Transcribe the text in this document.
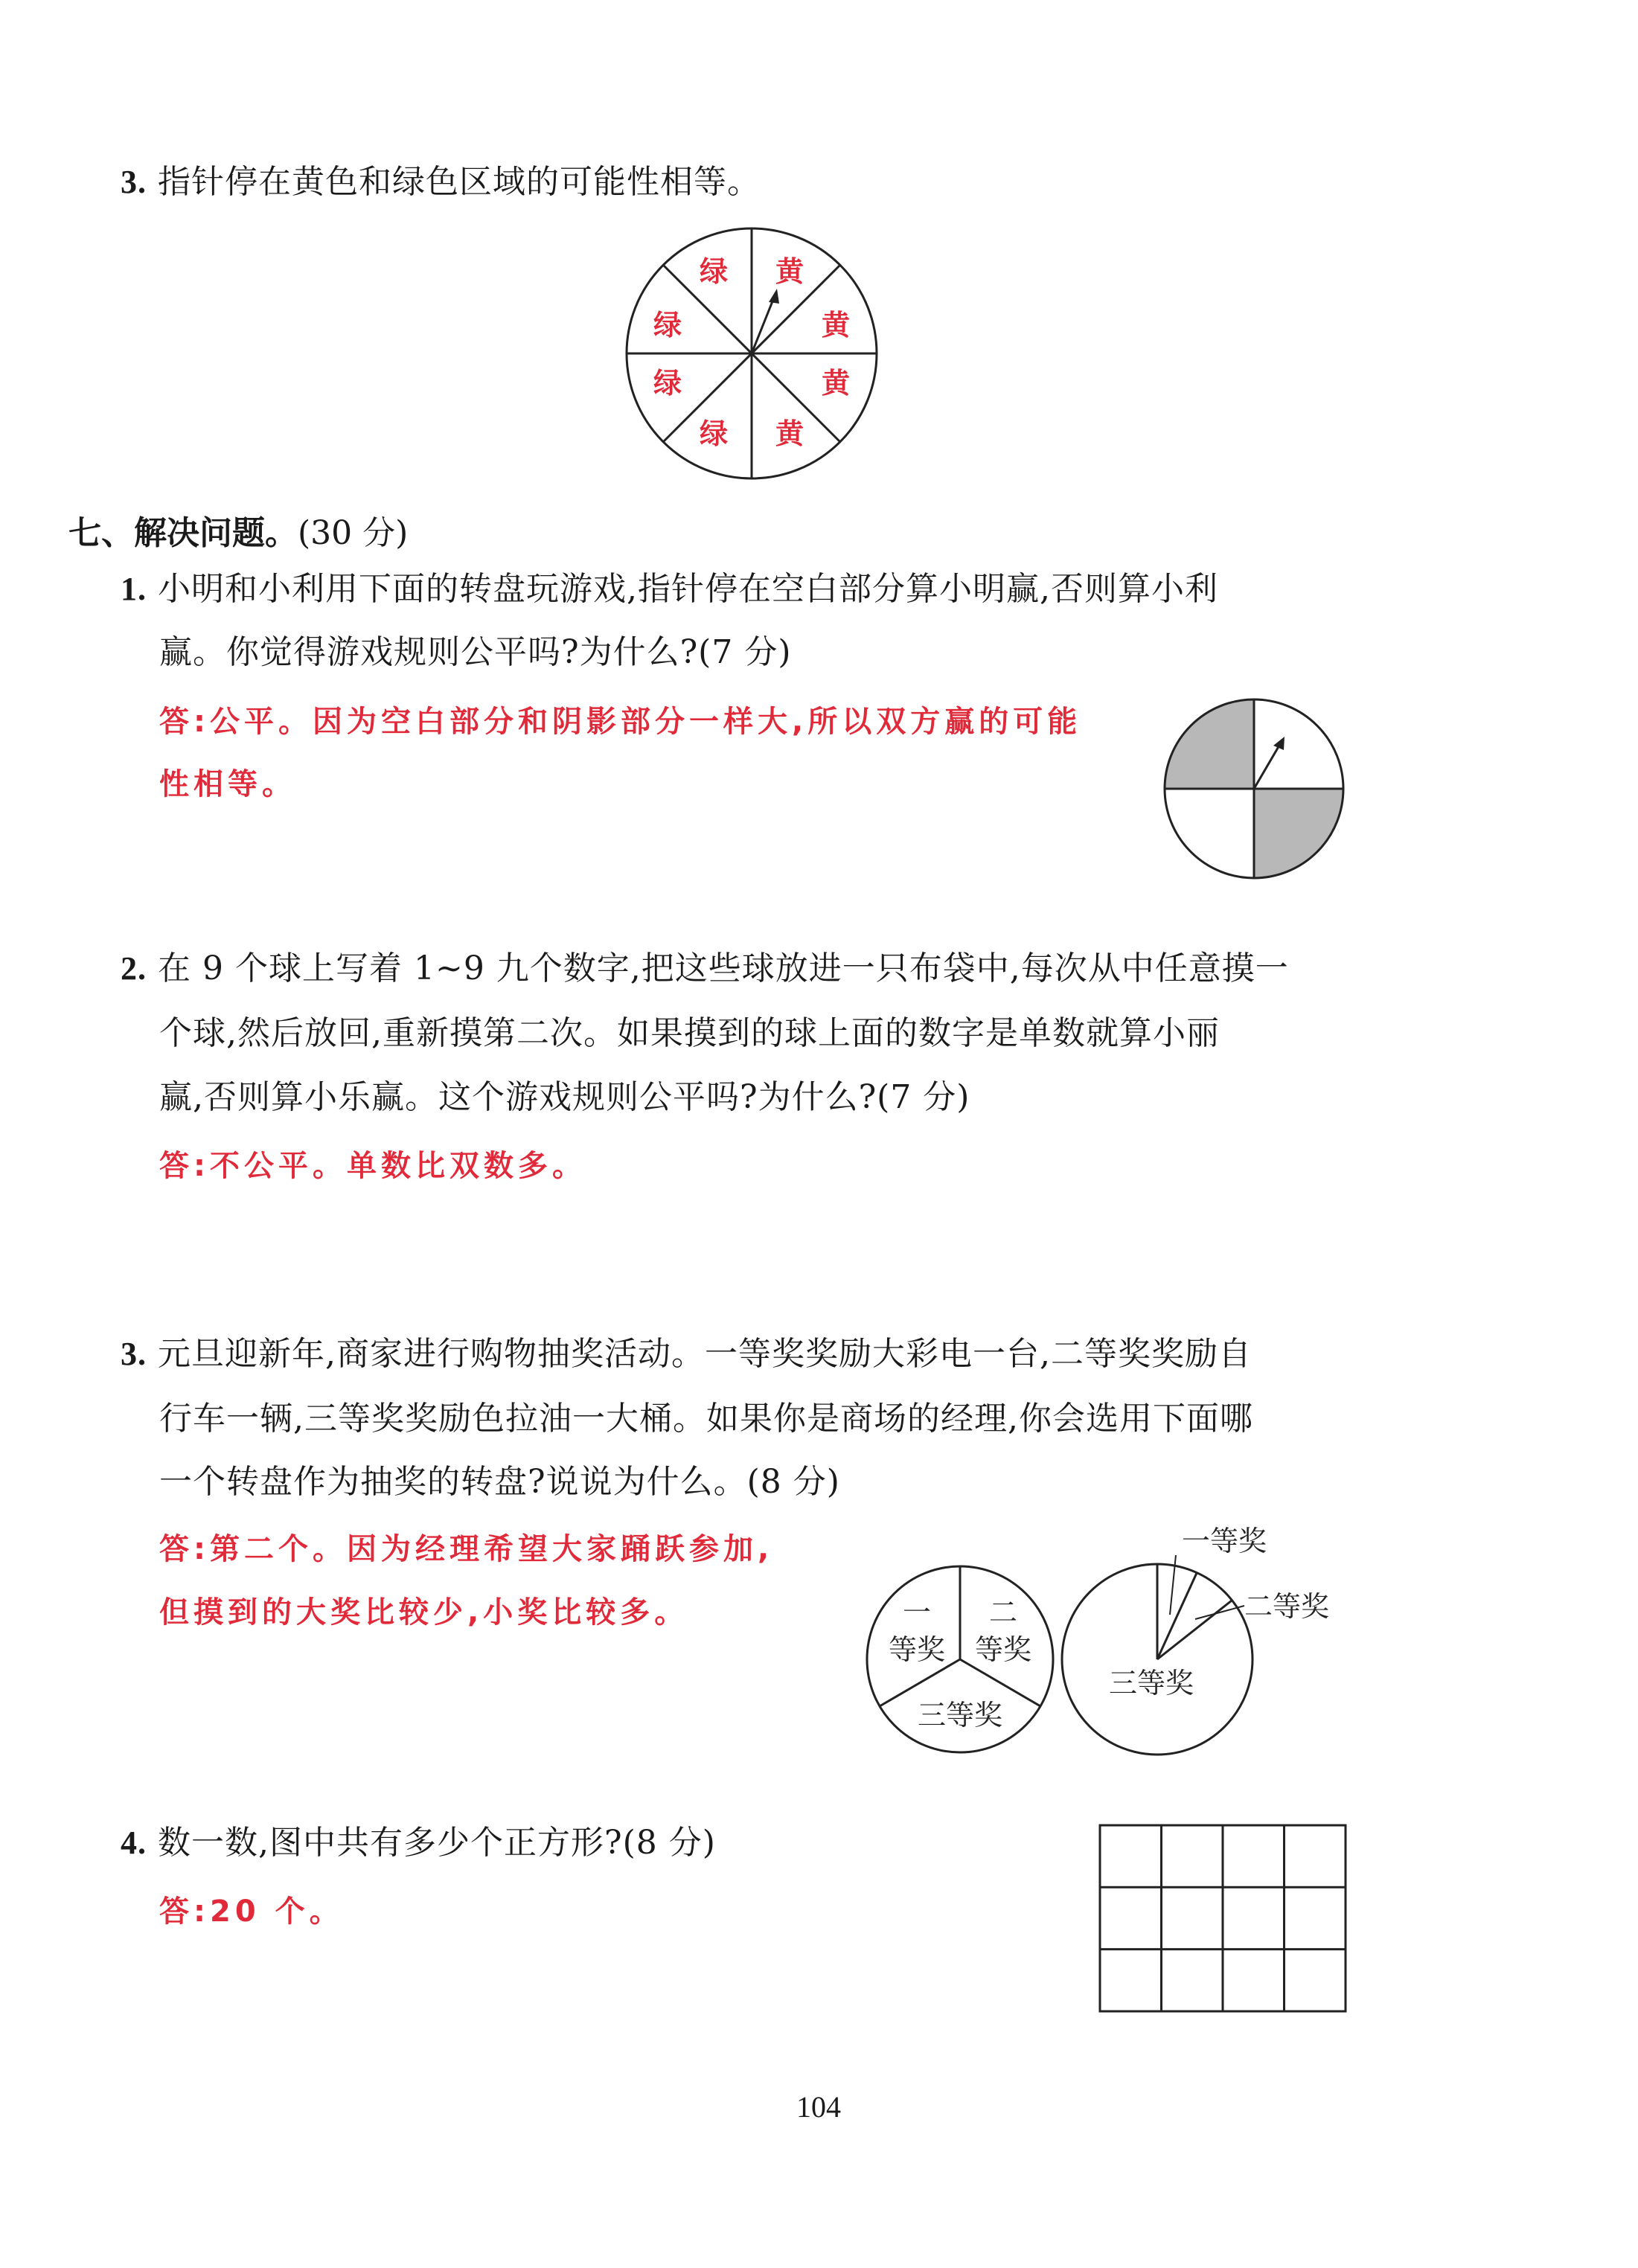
3. 指针停在黄色和绿色区域的可能性相等。
绿 黄
绿	黄
绿	黄
绿 黄
七、解决问题。(30 分)
1. 小明和小利用下面的转盘玩游戏,指针停在空白部分算小明赢,否则算小利
赢。你觉得游戏规则公平吗?为什么?(7 分)
答:公平。因为空白部分和阴影部分一样大,所以双方赢的可能
性相等。
2. 在 9 个球上写着 1~9 九个数字,把这些球放进一只布袋中,每次从中任意摸一
个球,然后放回,重新摸第二次。如果摸到的球上面的数字是单数就算小丽
赢,否则算小乐赢。这个游戏规则公平吗?为什么?(7 分)
答:不公平。单数比双数多。
3. 元旦迎新年,商家进行购物抽奖活动。一等奖奖励大彩电一台,二等奖奖励自
行车一辆,三等奖奖励色拉油一大桶。如果你是商场的经理,你会选用下面哪
一个转盘作为抽奖的转盘?说说为什么。(8 分)
答:第二个。因为经理希望大家踊跃参加,
但摸到的大奖比较少,小奖比较多。	一
等奖
二
等奖
三等奖
一等奖
二等奖
三等奖
4. 数一数,图中共有多少个正方形?(8 分)
答:20 个。
104
